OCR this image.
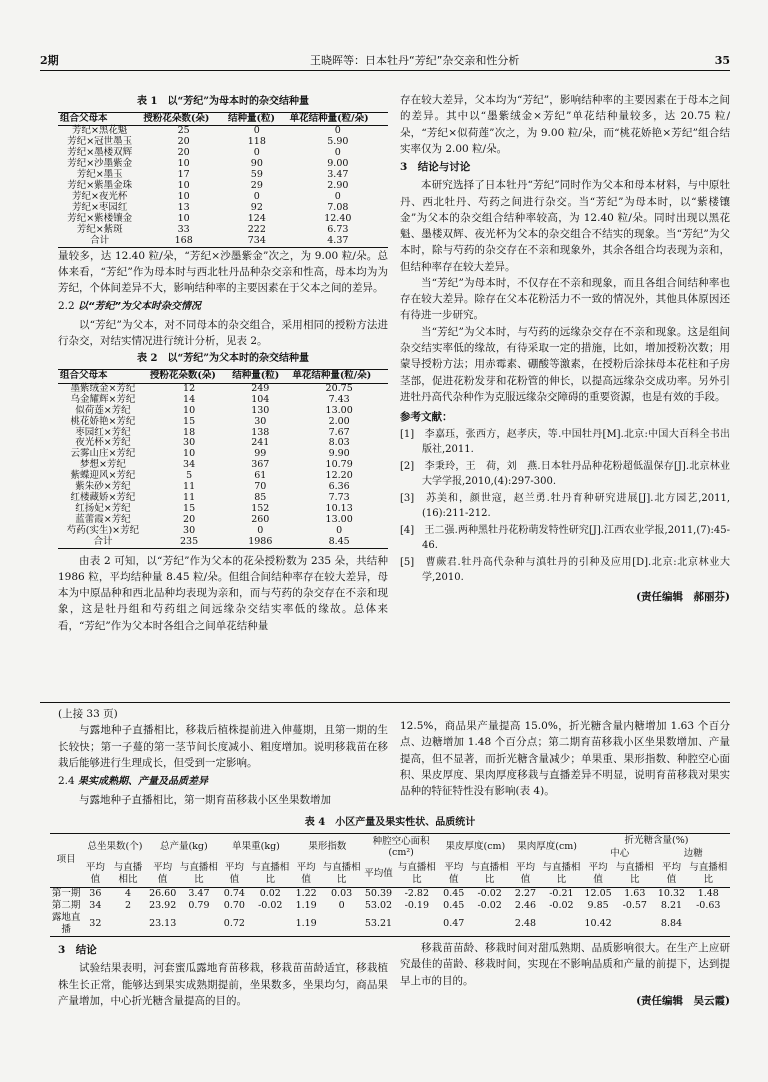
2期	王晓晖等：日本牡丹“芳纪”杂交亲和性分析	35
表 1　以“芳纪”为母本时的杂交结种量
组合父母本	授粉花朵数(朵)	结种量(粒)	单花结种量(粒/朵)
芳纪×黑花魁	25	0	0
芳纪×冠世墨玉	20	118	5.90
芳纪×墨楼双辉	20	0	0
芳纪×沙墨紫金	10	90	9.00
芳纪×墨玉	17	59	3.47
芳纪×紫墨金珠	10	29	2.90
芳纪×夜光杯	10	0	0
芳纪×枣园红	13	92	7.08
芳纪×紫楼镶金	10	124	12.40
芳纪×紫斑	33	222	6.73
合计	168	734	4.37

量较多，达 12.40 粒/朵，“芳纪×沙墨紫金”次之，为 9.00 粒/朵。总体来看，“芳纪”作为母本时与西北牡丹品种杂交亲和性高，母本均为为芳纪，个体间差异不大，影响结种率的主要因素在于父本之间的差异。

2.2 以“芳纪”为父本时杂交情况

以“芳纪”为父本，对不同母本的杂交组合，采用相同的授粉方法进行杂交，对结实情况进行统计分析，见表 2。

表 2　以“芳纪”为父本时的杂交结种量
组合父母本	授粉花朵数(朵)	结种量(粒)	单花结种量(粒/朵)
墨紫绒金×芳纪	12	249	20.75
乌金耀辉×芳纪	14	104	7.43
似荷莲×芳纪	10	130	13.00
桃花娇艳×芳纪	15	30	2.00
枣园红×芳纪	18	138	7.67
夜光杯×芳纪	30	241	8.03
云雾山庄×芳纪	10	99	9.90
梦想×芳纪	34	367	10.79
紫蝶迎风×芳纪	5	61	12.20
紫朱砂×芳纪	11	70	6.36
红楼藏娇×芳纪	11	85	7.73
红扬妃×芳纪	15	152	10.13
蓝蕾霞×芳纪	20	260	13.00
芍药(实生)×芳纪	30	0	0
合计	235	1986	8.45

由表 2 可知，以“芳纪”作为父本的花朵授粉数为 235 朵，共结种 1986 粒，平均结种量 8.45 粒/朵。但组合间结种率存在较大差异，母本为中原品种和西北品种均表现为亲和，而与芍药的杂交存在不亲和现象，这是牡丹组和芍药组之间远缘杂交结实率低的缘故。总体来看，“芳纪”作为父本时各组合之间单花结种量

存在较大差异，父本均为“芳纪”，影响结种率的主要因素在于母本之间的差异。其中以“墨紫绒金×芳纪”单花结种量较多，达 20.75 粒/朵，“芳纪×似荷莲”次之，为 9.00 粒/朵，而“桃花娇艳×芳纪”组合结实率仅为 2.00 粒/朵。

3　结论与讨论

本研究选择了日本牡丹“芳纪”同时作为父本和母本材料，与中原牡丹、西北牡丹、芍药之间进行杂交。当“芳纪”为母本时，以“紫楼镶金”为父本的杂交组合结种率较高，为 12.40 粒/朵。同时出现以黑花魁、墨楼双辉、夜光杯为父本的杂交组合不结实的现象。当“芳纪”为父本时，除与芍药的杂交存在不亲和现象外，其余各组合均表现为亲和，但结种率存在较大差异。

当“芳纪”为母本时，不仅存在不亲和现象，而且各组合间结种率也存在较大差异。除存在父本花粉活力不一致的情况外，其他具体原因还有待进一步研究。

当“芳纪”为父本时，与芍药的远缘杂交存在不亲和现象。这是组间杂交结实率低的缘故，有待采取一定的措施，比如，增加授粉次数；用蒙导授粉方法；用赤霉素、硼酸等激素，在授粉后涂抹母本花柱和子房茎部，促进花粉发芽和花粉管的伸长，以提高远缘杂交成功率。另外引进牡丹高代杂种作为克服远缘杂交障碍的重要资源，也是有效的手段。

参考文献：
[1]　李嘉珏，张西方，赵孝庆，等.中国牡丹[M].北京:中国大百科全书出版社,2011.
[2]　李秉玲，王　荷，刘　燕.日本牡丹品种花粉超低温保存[J].北京林业大学学报,2010,(4):297-300.
[3]　苏美和，颜世寇，赵兰勇.牡丹育种研究进展[J].北方园艺,2011,(16):211-212.
[4]　王二强.两种黑牡丹花粉萌发特性研究[J].江西农业学报,2011,(7):45-46.
[5]　曹蕨君.牡丹高代杂种与滇牡丹的引种及应用[D].北京:北京林业大学,2010.
(责任编辑　郝丽芬)
(上接 33 页)

与露地种子直播相比，移栽后植株提前进入伸蔓期，且第一期的生长较快；第一子蔓的第一茎节间长度减小、粗度增加。说明移栽苗在移栽后能够进行生理成长，但受到一定影响。

2.4 果实成熟期、产量及品质差异

与露地种子直播相比，第一期育苗移栽小区坐果数增加

12.5%，商品果产量提高 15.0%，折光糖含量内糖增加 1.63 个百分点、边糖增加 1.48 个百分点；第二期育苗移栽小区坐果数增加、产量提高，但不显著，而折光糖含量减少；单果重、果形指数、种腔空心面积、果皮厚度、果肉厚度移栽与直播差异不明显，说明育苗移栽对果实品种的特征特性没有影响(表 4)。

表 4　小区产量及果实性状、品质统计
项目	总坐果数(个)		总产量(kg)		单果重(kg)		果形指数		种腔空心面积(cm²)		果皮厚度(cm)		果肉厚度(cm)		折光糖含量(%)			
															中心		边糖	
	平均值	与直播相比	平均值	与直播相比	平均值	与直播相比	平均值	与直播相比	平均值	与直播相比	平均值	与直播相比	平均值	与直播相比	平均值	与直播相比	平均值	与直播相比
第一期	36	4	26.60	3.47	0.74	0.02	1.22	0.03	50.39	-2.82	0.45	-0.02	2.27	-0.21	12.05	1.63	10.32	1.48
第二期	34	2	23.92	0.79	0.70	-0.02	1.19	0	53.02	-0.19	0.45	-0.02	2.46	-0.02	9.85	-0.57	8.21	-0.63
露地直播	32		23.13		0.72		1.19		53.21		0.47		2.48		10.42		8.84	
3　结论

试验结果表明，河套蜜瓜露地育苗移栽，移栽苗苗龄适宜，移栽植株生长正常，能够达到果实成熟期提前，坐果数多，坐果均匀，商品果产量增加，中心折光糖含量提高的目的。

移栽苗苗龄、移栽时间对甜瓜熟期、品质影响很大。在生产上应研究最佳的苗龄、移栽时间，实现在不影响品质和产量的前提下，达到提早上市的目的。

(责任编辑　吴云霞)
